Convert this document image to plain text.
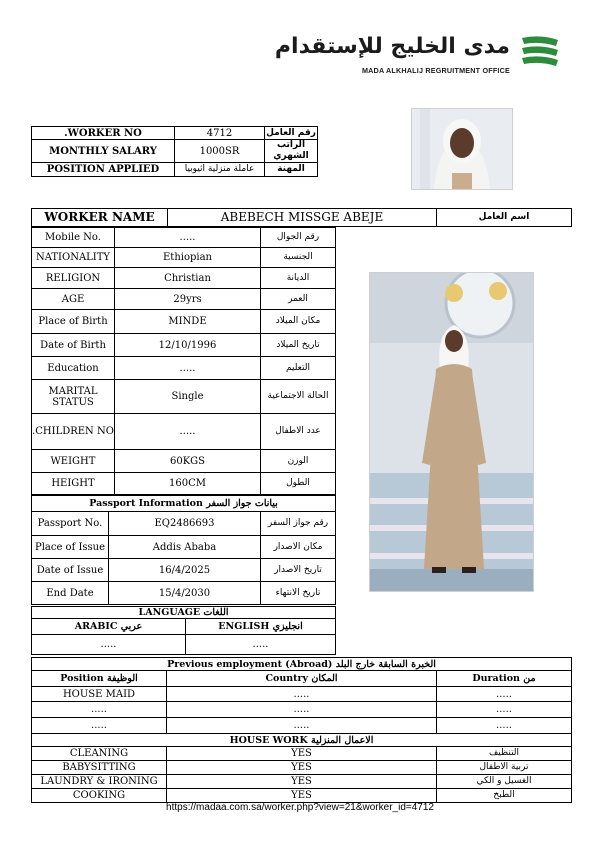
مدى الخليج للإستقدام
MADA ALKHALIJ REGRUITMENT OFFICE
.WORKER NO	4712	رقم العامل
MONTHLY SALARY	1000SR	الراتب الشهري
POSITION APPLIED	عاملة منزلية اثيوبيا	المهنة
WORKER NAME	ABEBECH MISSGE ABEJE	اسم العامل
Mobile No.	.....	رقم الجوال
NATIONALITY	Ethiopian	الجنسية
RELIGION	Christian	الديانة
AGE	29yrs	العمر
Place of Birth	MINDE	مكان الميلاد
Date of Birth	12/10/1996	تاريخ الميلاد
Education	.....	التعليم
MARITAL STATUS	Single	الحالة الاجتماعية
.CHILDREN NO	.....	عدد الاطفال
WEIGHT	60KGS	الوزن
HEIGHT	160CM	الطول
Passport Information بيانات جواز السفر		
Passport No.	EQ2486693	رقم جواز السفر
Place of Issue	Addis Ababa	مكان الاصدار
Date of Issue	16/4/2025	تاريخ الاصدار
End Date	15/4/2030	تاريخ الانتهاء
LANGUAGE اللغات	
ARABIC عربي	ENGLISH انجليزي
.....	.....
Previous employment (Abroad) الخبرة السابقة خارج البلد		
Position الوظيفة	Country المكان	Duration من
HOUSE MAID	.....	.....
.....	.....	.....
.....	.....	.....
HOUSE WORK الاعمال المنزلية		
CLEANING	YES	التنظيف
BABYSITTING	YES	تربية الاطفال
LAUNDRY & IRONING	YES	الغسيل و الكي
COOKING	YES	الطبخ
https://madaa.com.sa/worker.php?view=21&worker_id=4712
